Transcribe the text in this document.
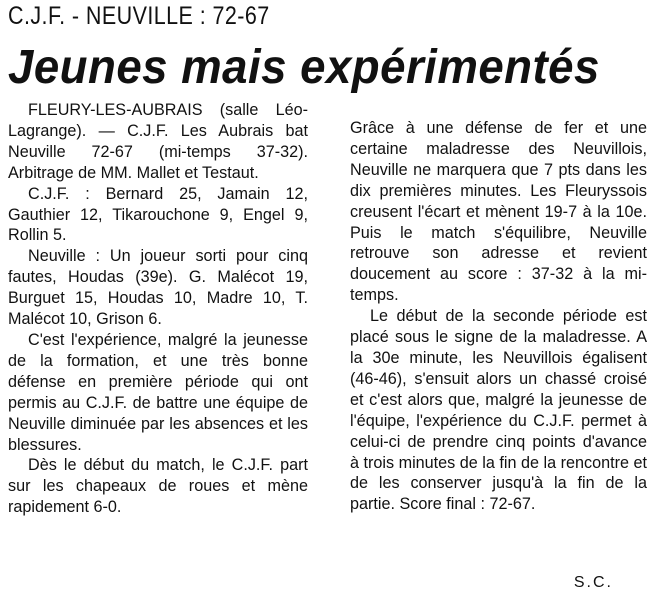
C.J.F. - NEUVILLE : 72-67
Jeunes mais expérimentés

FLEURY-LES-AUBRAIS (salle Léo-Lagrange). — C.J.F. Les Aubrais bat Neuville 72-67 (mi-temps 37-32). Arbitrage de MM. Mallet et Testaut.

C.J.F. : Bernard 25, Jamain 12, Gauthier 12, Tikarouchone 9, Engel 9, Rollin 5.

Neuville : Un joueur sorti pour cinq fautes, Houdas (39e). G. Malécot 19, Burguet 15, Houdas 10, Madre 10, T. Malécot 10, Grison 6.

C'est l'expérience, malgré la jeunesse de la formation, et une très bonne défense en première période qui ont permis au C.J.F. de battre une équipe de Neuville diminuée par les absences et les blessures.

Dès le début du match, le C.J.F. part sur les chapeaux de roues et mène rapidement 6-0.

Grâce à une défense de fer et une certaine maladresse des Neuvillois, Neuville ne marquera que 7 pts dans les dix premières minutes. Les Fleuryssois creusent l'écart et mènent 19-7 à la 10e. Puis le match s'équilibre, Neuville retrouve son adresse et revient doucement au score : 37-32 à la mi-temps.

Le début de la seconde période est placé sous le signe de la maladresse. A la 30e minute, les Neuvillois égalisent (46-46), s'ensuit alors un chassé croisé et c'est alors que, malgré la jeunesse de l'équipe, l'expérience du C.J.F. permet à celui-ci de prendre cinq points d'avance à trois minutes de la fin de la rencontre et de les conserver jusqu'à la fin de la partie. Score final : 72-67.

S.C.
